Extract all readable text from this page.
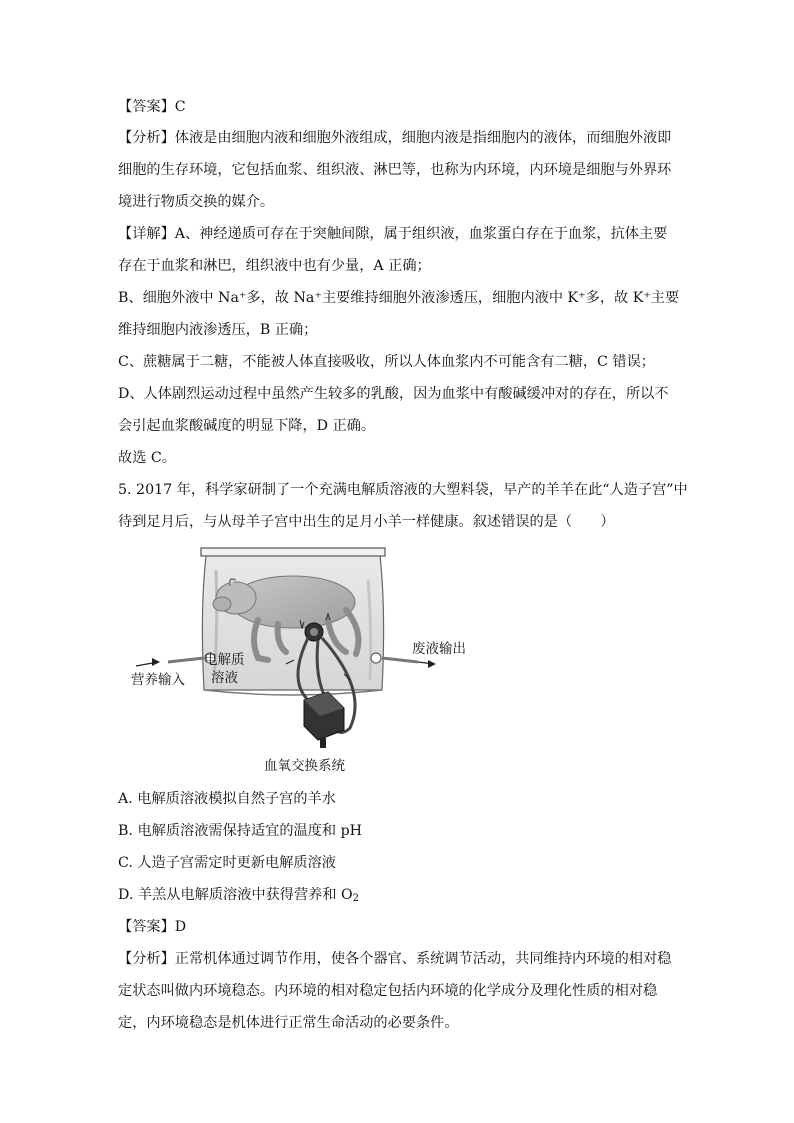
【答案】C

【分析】体液是由细胞内液和细胞外液组成，细胞内液是指细胞内的液体，而细胞外液即

细胞的生存环境，它包括血浆、组织液、淋巴等，也称为内环境，内环境是细胞与外界环

境进行物质交换的媒介。

【详解】A、神经递质可存在于突触间隙，属于组织液，血浆蛋白存在于血浆，抗体主要

存在于血浆和淋巴，组织液中也有少量，A 正确；

B、细胞外液中 Na⁺多，故 Na⁺主要维持细胞外液渗透压，细胞内液中 K⁺多，故 K⁺主要

维持细胞内液渗透压，B 正确；

C、蔗糖属于二糖，不能被人体直接吸收，所以人体血浆内不可能含有二糖，C 错误；

D、人体剧烈运动过程中虽然产生较多的乳酸，因为血浆中有酸碱缓冲对的存在，所以不

会引起血浆酸碱度的明显下降，D 正确。

故选 C。

5. 2017 年，科学家研制了一个充满电解质溶液的大塑料袋，早产的羊羊在此“人造子宫”中

待到足月后，与从母羊子宫中出生的足月小羊一样健康。叙述错误的是（　　）

电解质
溶液
营养输入
废液输出
血氧交换系统

A. 电解质溶液模拟自然子宫的羊水

B. 电解质溶液需保持适宜的温度和 pH

C. 人造子宫需定时更新电解质溶液

D. 羊羔从电解质溶液中获得营养和 $O_2$

【答案】D

【分析】正常机体通过调节作用，使各个器官、系统调节活动，共同维持内环境的相对稳

定状态叫做内环境稳态。内环境的相对稳定包括内环境的化学成分及理化性质的相对稳

定，内环境稳态是机体进行正常生命活动的必要条件。
